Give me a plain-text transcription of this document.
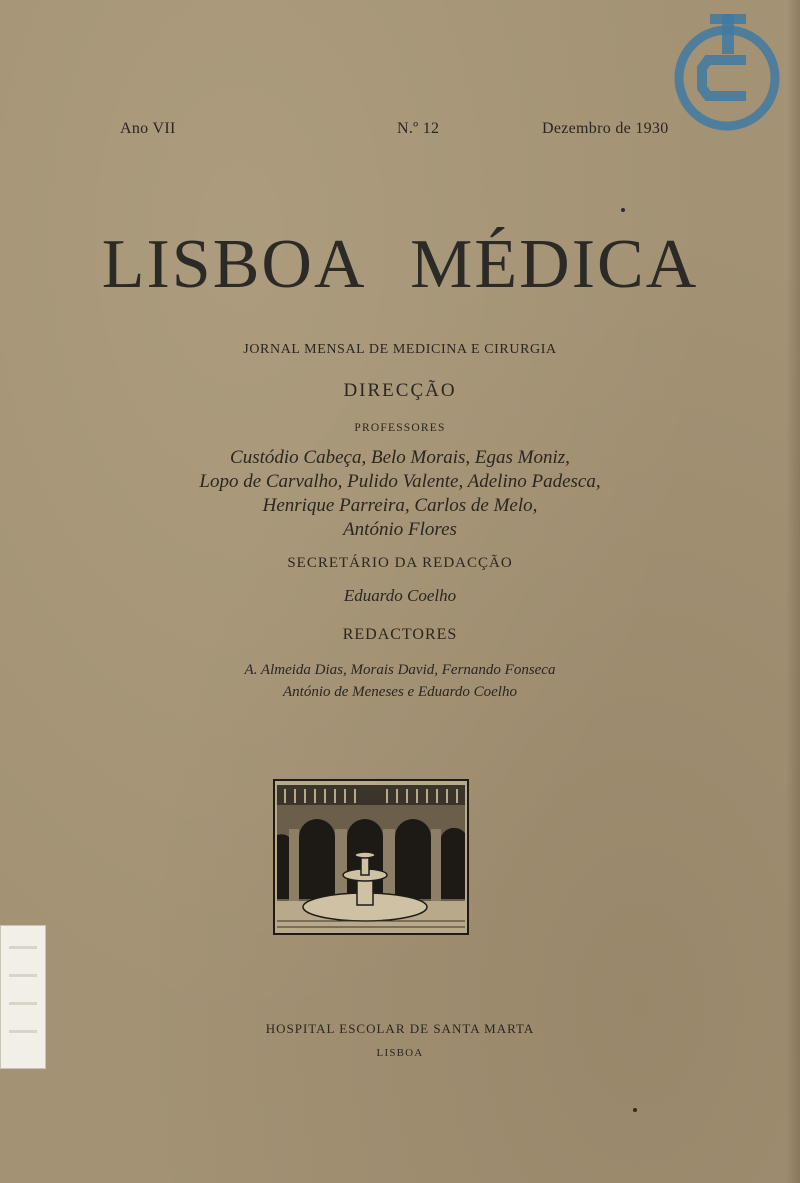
Ano VII	N.º 12	Dezembro de 1930
LISBOA MÉDICA
JORNAL MENSAL DE MEDICINA E CIRURGIA
DIRECÇÃO
PROFESSORES
Custódio Cabeça, Belo Morais, Egas Moniz,
Lopo de Carvalho, Pulido Valente, Adelino Padesca,
Henrique Parreira, Carlos de Melo,
António Flores
SECRETÁRIO DA REDACÇÃO
Eduardo Coelho
REDACTORES
A. Almeida Dias, Morais David, Fernando Fonseca
António de Meneses e Eduardo Coelho
HOSPITAL ESCOLAR DE SANTA MARTA
LISBOA
